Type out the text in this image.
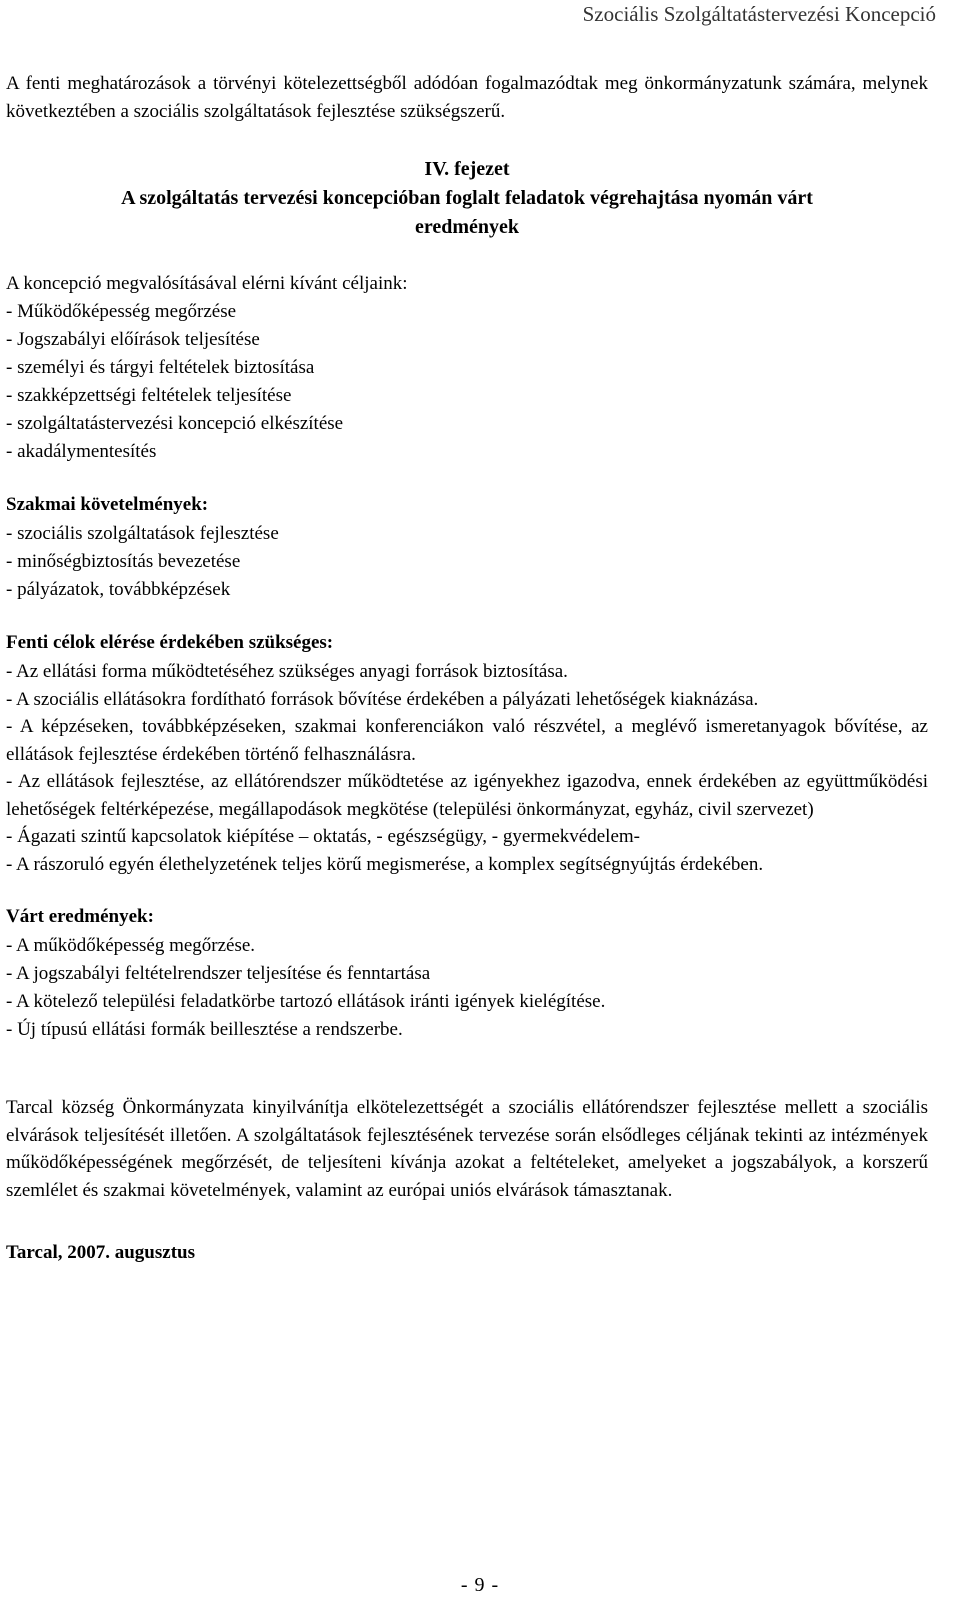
Szociális Szolgáltatástervezési Koncepció

A fenti meghatározások a törvényi kötelezettségből adódóan fogalmazódtak meg önkormányzatunk számára, melynek következtében a szociális szolgáltatások fejlesztése szükségszerű.

IV. fejezet
A szolgáltatás tervezési koncepcióban foglalt feladatok végrehajtása nyomán várt
eredmények
A koncepció megvalósításával elérni kívánt céljaink:
- Működőképesség megőrzése
- Jogszabályi előírások teljesítése
- személyi és tárgyi feltételek biztosítása
- szakképzettségi feltételek teljesítése
- szolgáltatástervezési koncepció elkészítése
- akadálymentesítés
Szakmai követelmények:
- szociális szolgáltatások fejlesztése
- minőségbiztosítás bevezetése
- pályázatok, továbbképzések
Fenti célok elérése érdekében szükséges:

- Az ellátási forma működtetéséhez szükséges anyagi források biztosítása.

- A szociális ellátásokra fordítható források bővítése érdekében a pályázati lehetőségek kiaknázása.

- A képzéseken, továbbképzéseken, szakmai konferenciákon való részvétel, a meglévő ismeretanyagok bővítése, az ellátások fejlesztése érdekében történő felhasználásra.

- Az ellátások fejlesztése, az ellátórendszer működtetése az igényekhez igazodva, ennek érdekében az együttműködési lehetőségek feltérképezése, megállapodások megkötése (települési önkormányzat, egyház, civil szervezet)

- Ágazati szintű kapcsolatok kiépítése – oktatás, - egészségügy, - gyermekvédelem-

- A rászoruló egyén élethelyzetének teljes körű megismerése, a komplex segítségnyújtás érdekében.

Várt eredmények:
- A működőképesség megőrzése.
- A jogszabályi feltételrendszer teljesítése és fenntartása
- A kötelező települési feladatkörbe tartozó ellátások iránti igények kielégítése.
- Új típusú ellátási formák beillesztése a rendszerbe.

Tarcal község Önkormányzata kinyilvánítja elkötelezettségét a szociális ellátórendszer fejlesztése mellett a szociális elvárások teljesítését illetően. A szolgáltatások fejlesztésének tervezése során elsődleges céljának tekinti az intézmények működőképességének megőrzését, de teljesíteni kívánja azokat a feltételeket, amelyeket a jogszabályok, a korszerű szemlélet és szakmai követelmények, valamint az európai uniós elvárások támasztanak.

Tarcal, 2007. augusztus
- 9 -
